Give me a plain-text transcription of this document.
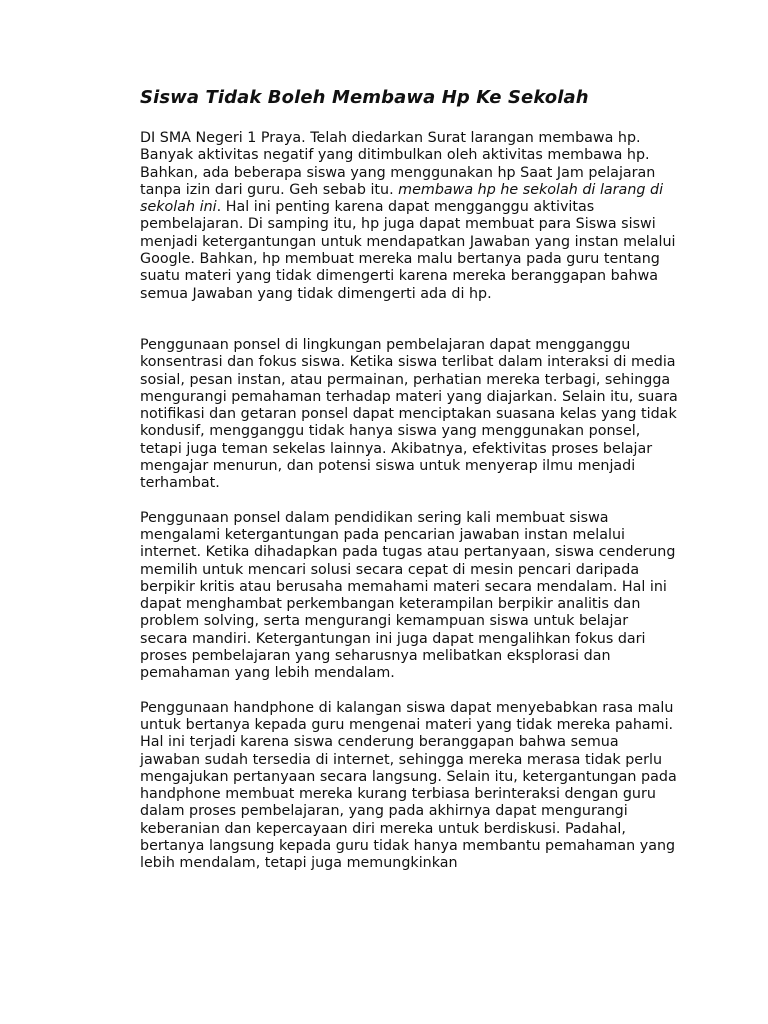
Siswa Tidak Boleh Membawa Hp Ke Sekolah

DI SMA Negeri 1 Praya. Telah diedarkan Surat larangan membawa hp. Banyak aktivitas negatif yang ditimbulkan oleh aktivitas membawa hp. Bahkan, ada beberapa siswa yang menggunakan hp Saat Jam pelajaran tanpa izin dari guru. Geh sebab itu. membawa hp he sekolah di larang di sekolah ini. Hal ini penting karena dapat mengganggu aktivitas pembelajaran. Di samping itu, hp juga dapat membuat para Siswa siswi menjadi ketergantungan untuk mendapatkan Jawaban yang instan melalui Google. Bahkan, hp membuat mereka malu bertanya pada guru tentang suatu materi yang tidak dimengerti karena mereka beranggapan bahwa semua Jawaban yang tidak dimengerti ada di hp.

Penggunaan ponsel di lingkungan pembelajaran dapat mengganggu konsentrasi dan fokus siswa. Ketika siswa terlibat dalam interaksi di media sosial, pesan instan, atau permainan, perhatian mereka terbagi, sehingga mengurangi pemahaman terhadap materi yang diajarkan. Selain itu, suara notifikasi dan getaran ponsel dapat menciptakan suasana kelas yang tidak kondusif, mengganggu tidak hanya siswa yang menggunakan ponsel, tetapi juga teman sekelas lainnya. Akibatnya, efektivitas proses belajar mengajar menurun, dan potensi siswa untuk menyerap ilmu menjadi terhambat.

Penggunaan ponsel dalam pendidikan sering kali membuat siswa mengalami ketergantungan pada pencarian jawaban instan melalui internet. Ketika dihadapkan pada tugas atau pertanyaan, siswa cenderung memilih untuk mencari solusi secara cepat di mesin pencari daripada berpikir kritis atau berusaha memahami materi secara mendalam. Hal ini dapat menghambat perkembangan keterampilan berpikir analitis dan problem solving, serta mengurangi kemampuan siswa untuk belajar secara mandiri. Ketergantungan ini juga dapat mengalihkan fokus dari proses pembelajaran yang seharusnya melibatkan eksplorasi dan pemahaman yang lebih mendalam.

Penggunaan handphone di kalangan siswa dapat menyebabkan rasa malu untuk bertanya kepada guru mengenai materi yang tidak mereka pahami. Hal ini terjadi karena siswa cenderung beranggapan bahwa semua jawaban sudah tersedia di internet, sehingga mereka merasa tidak perlu mengajukan pertanyaan secara langsung. Selain itu, ketergantungan pada handphone membuat mereka kurang terbiasa berinteraksi dengan guru dalam proses pembelajaran, yang pada akhirnya dapat mengurangi keberanian dan kepercayaan diri mereka untuk berdiskusi. Padahal, bertanya langsung kepada guru tidak hanya membantu pemahaman yang lebih mendalam, tetapi juga memungkinkan
